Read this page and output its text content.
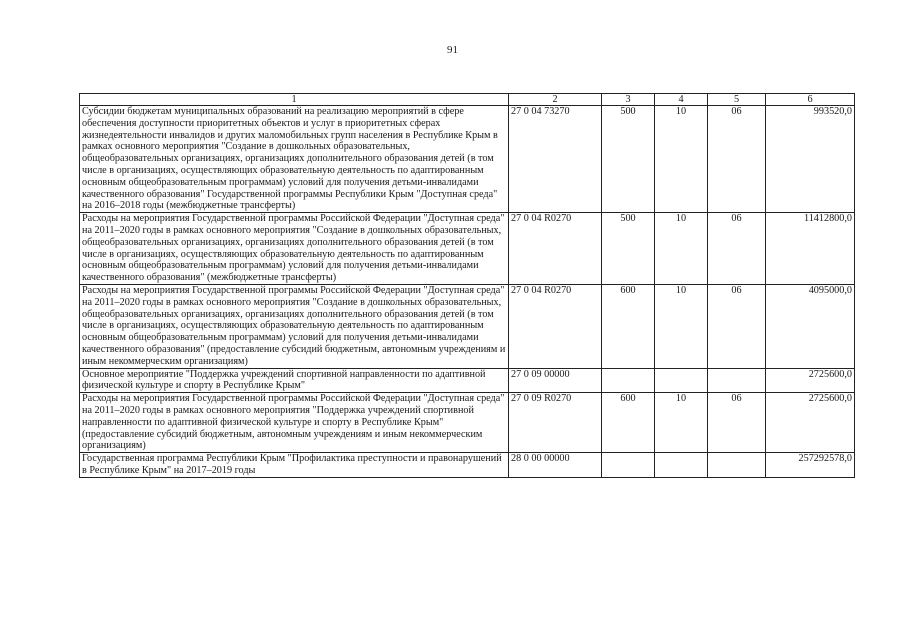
91
1	2	3	4	5	6
Субсидии бюджетам муниципальных образований на реализацию мероприятий в сфере обеспечения доступности приоритетных объектов и услуг в приоритетных сферах жизнедеятельности инвалидов и других маломобильных групп населения в Республике Крым в рамках основного мероприятия "Создание в дошкольных образовательных, общеобразовательных организациях, организациях дополнительного образования детей (в том числе в организациях, осуществляющих образовательную деятельность по адаптированным основным общеобразовательным программам) условий для получения детьми-инвалидами качественного образования" Государственной программы Республики Крым "Доступная среда" на 2016–2018 годы (межбюджетные трансферты)	27 0 04 73270	500	10	06	993520,0
Расходы на мероприятия Государственной программы Российской Федерации "Доступная среда" на 2011–2020 годы в рамках основного мероприятия "Создание в дошкольных образовательных, общеобразовательных организациях, организациях дополнительного образования детей (в том числе в организациях, осуществляющих образовательную деятельность по адаптированным основным общеобразовательным программам) условий для получения детьми-инвалидами качественного образования" (межбюджетные трансферты)	27 0 04 R0270	500	10	06	11412800,0
Расходы на мероприятия Государственной программы Российской Федерации "Доступная среда" на 2011–2020 годы в рамках основного мероприятия "Создание в дошкольных образовательных, общеобразовательных организациях, организациях дополнительного образования детей (в том числе в организациях, осуществляющих образовательную деятельность по адаптированным основным общеобразовательным программам) условий для получения детьми-инвалидами качественного образования" (предоставление субсидий бюджетным, автономным учреждениям и иным некоммерческим организациям)	27 0 04 R0270	600	10	06	4095000,0
Основное мероприятие "Поддержка учреждений спортивной направленности по адаптивной физической культуре и спорту в Республике Крым"	27 0 09 00000				2725600,0
Расходы на мероприятия Государственной программы Российской Федерации "Доступная среда" на 2011–2020 годы в рамках основного мероприятия "Поддержка учреждений спортивной направленности по адаптивной физической культуре и спорту в Республике Крым" (предоставление субсидий бюджетным, автономным учреждениям и иным некоммерческим организациям)	27 0 09 R0270	600	10	06	2725600,0
Государственная программа Республики Крым "Профилактика преступности и правонарушений в Республике Крым" на 2017–2019 годы	28 0 00 00000				257292578,0
